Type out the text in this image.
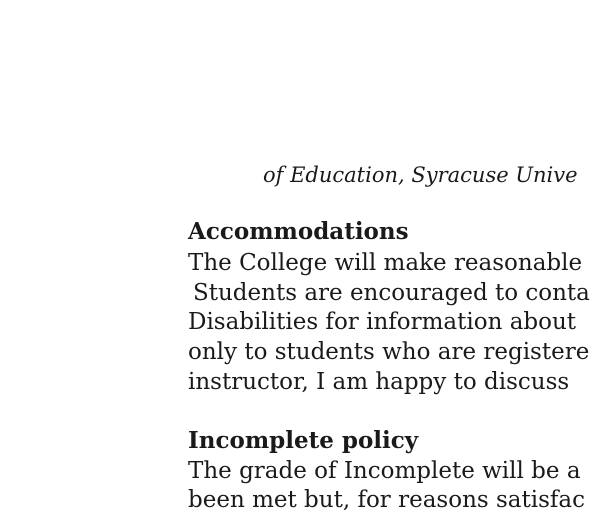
of Education, Syracuse Unive
Accommodations
The College will make reasonable
Students are encouraged to conta
Disabilities for information about
only to students who are registere
instructor, I am happy to discuss
Incomplete policy
The grade of Incomplete will be a
been met but, for reasons satisfac
